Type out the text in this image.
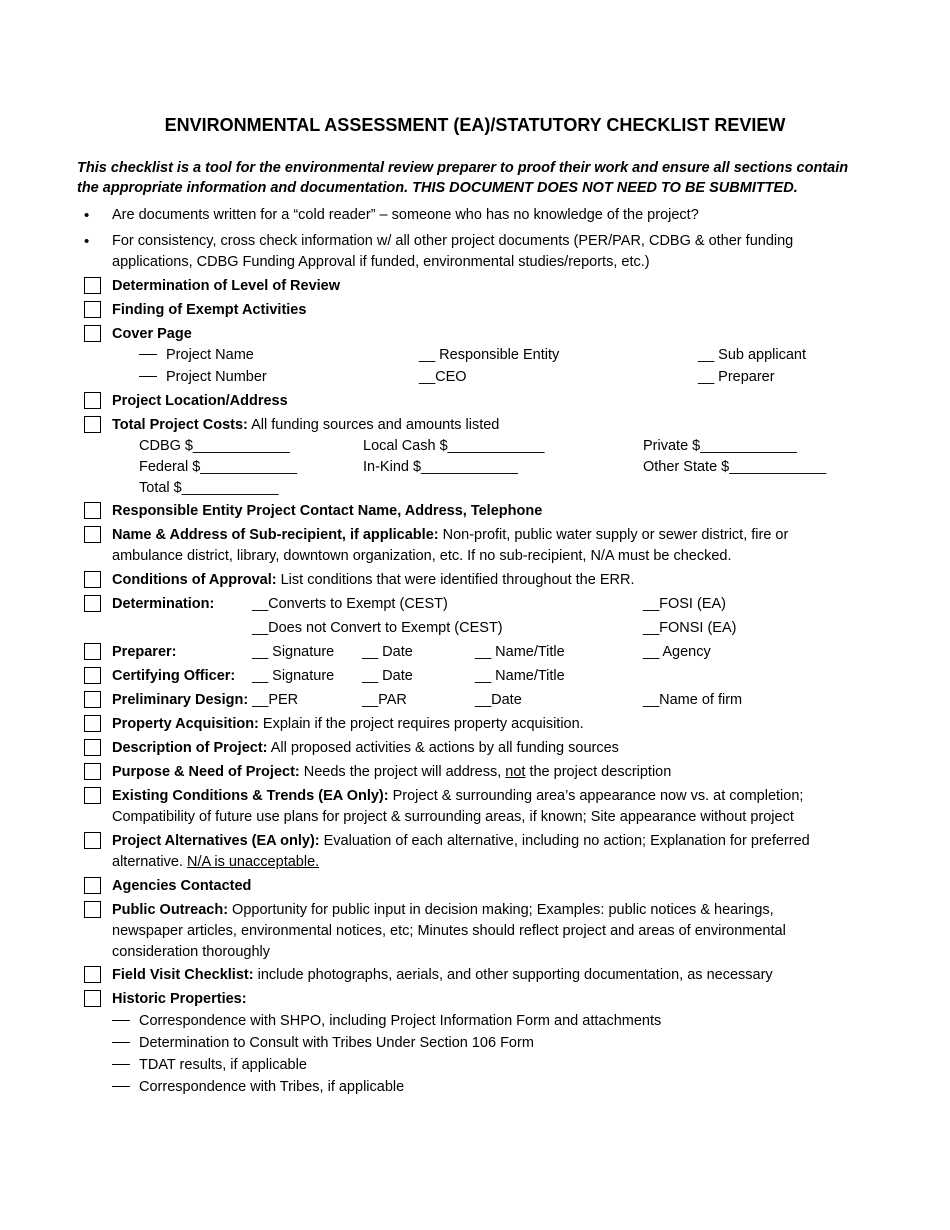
ENVIRONMENTAL ASSESSMENT (EA)/STATUTORY CHECKLIST REVIEW
This checklist is a tool for the environmental review preparer to proof their work and ensure all sections contain
the appropriate information and documentation. THIS DOCUMENT DOES NOT NEED TO BE SUBMITTED.
• Are documents written for a “cold reader” – someone who has no knowledge of the project?
• For consistency, cross check information w/ all other project documents (PER/PAR, CDBG & other funding
applications, CDBG Funding Approval if funded, environmental studies/reports, etc.)
Determination of Level of Review
Finding of Exempt Activities
Cover Page
Project Name	__ Responsible Entity	__ Sub applicant
Project Number	__CEO	__ Preparer
Project Location/Address
Total Project Costs: All funding sources and amounts listed
CDBG $____________	Local Cash $____________	Private $____________
Federal $____________	In-Kind $____________	Other State $____________
Total $____________
Responsible Entity Project Contact Name, Address, Telephone
Name & Address of Sub-recipient, if applicable: Non-profit, public water supply or sewer district, fire or
ambulance district, library, downtown organization, etc. If no sub-recipient, N/A must be checked.
Conditions of Approval: List conditions that were identified throughout the ERR.
Determination:	__Converts to Exempt (CEST)	__FOSI (EA)
__Does not Convert to Exempt (CEST)	__FONSI (EA)
Preparer:	__ Signature __ Date	__ Name/Title	__ Agency
Certifying Officer: __ Signature __ Date	__ Name/Title
Preliminary Design: __PER	__PAR	__Date	__Name of firm
Property Acquisition: Explain if the project requires property acquisition.
Description of Project: All proposed activities & actions by all funding sources
Purpose & Need of Project: Needs the project will address, not the project description
Existing Conditions & Trends (EA Only): Project & surrounding area’s appearance now vs. at completion;
Compatibility of future use plans for project & surrounding areas, if known; Site appearance without project
Project Alternatives (EA only): Evaluation of each alternative, including no action; Explanation for preferred
alternative. N/A is unacceptable.
Agencies Contacted
Public Outreach: Opportunity for public input in decision making; Examples: public notices & hearings,
newspaper articles, environmental notices, etc; Minutes should reflect project and areas of environmental
consideration thoroughly
Field Visit Checklist: include photographs, aerials, and other supporting documentation, as necessary
Historic Properties:
Correspondence with SHPO, including Project Information Form and attachments
Determination to Consult with Tribes Under Section 106 Form
TDAT results, if applicable
Correspondence with Tribes, if applicable
